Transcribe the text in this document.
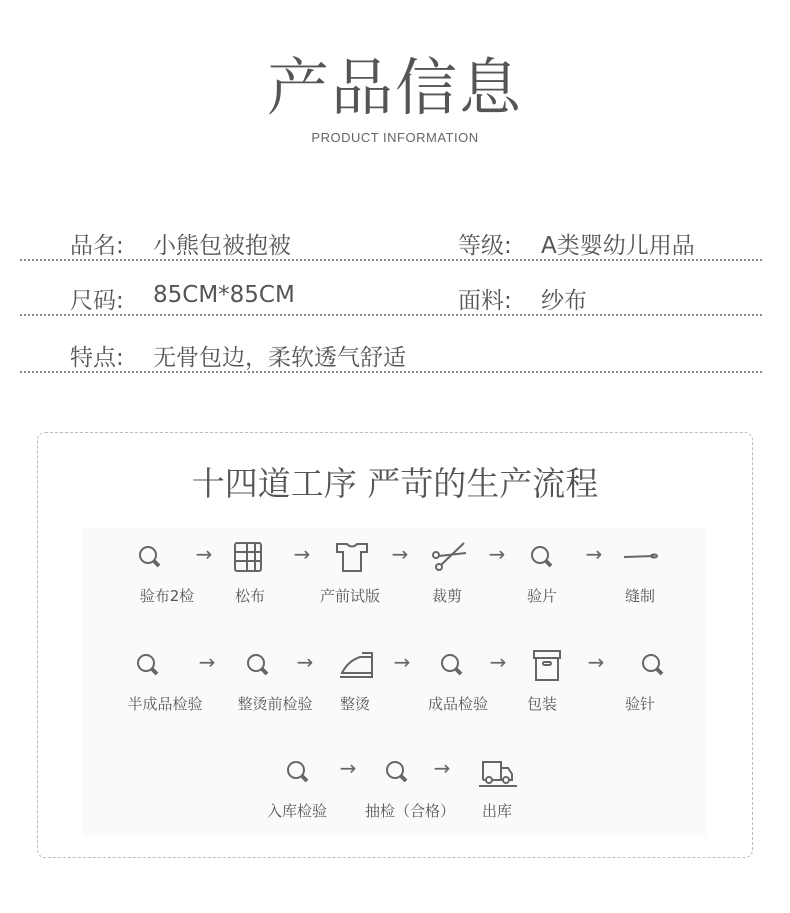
产品信息
PRODUCT INFORMATION
品名: 小熊包被抱被	等级: A类婴幼儿用品
尺码: 85CM*85CM	面料: 纱布
特点: 无骨包边，柔软透气舒适
十四道工序 严苛的生产流程
验布2检	松布	产前试版	裁剪	验片	缝制
半成品检验 整烫前检验 整烫	成品检验	包装	验针
入库检验	抽检（合格） 出库
→	→	→	→	→
→	→	→	→	→
→	→
